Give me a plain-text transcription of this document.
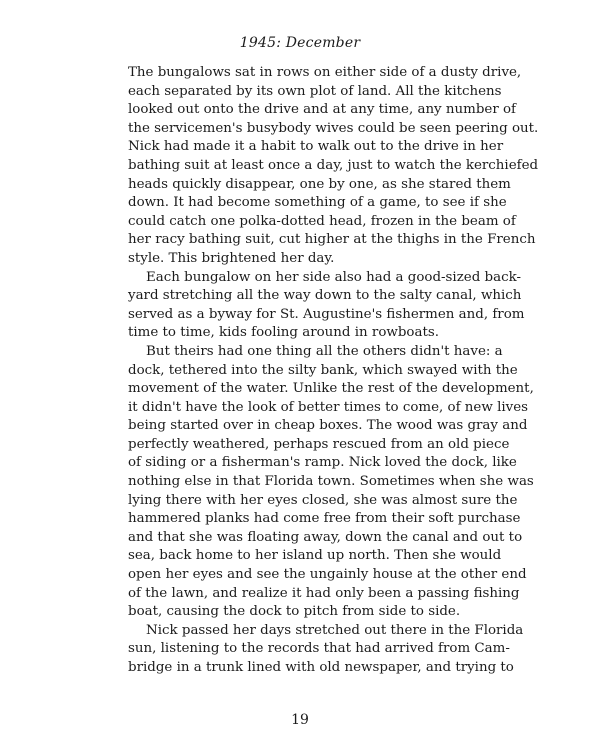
1945: December
The bungalows sat in rows on either side of a dusty drive,
each separated by its own plot of land. All the kitchens
looked out onto the drive and at any time, any number of
the servicemen's busybody wives could be seen peering out.
Nick had made it a habit to walk out to the drive in her
bathing suit at least once a day, just to watch the kerchiefed
heads quickly disappear, one by one, as she stared them
down. It had become something of a game, to see if she
could catch one polka-dotted head, frozen in the beam of
her racy bathing suit, cut higher at the thighs in the French
style. This brightened her day.
Each bungalow on her side also had a good-sized back-
yard stretching all the way down to the salty canal, which
served as a byway for St. Augustine's fishermen and, from
time to time, kids fooling around in rowboats.
But theirs had one thing all the others didn't have: a
dock, tethered into the silty bank, which swayed with the
movement of the water. Unlike the rest of the development,
it didn't have the look of better times to come, of new lives
being started over in cheap boxes. The wood was gray and
perfectly weathered, perhaps rescued from an old piece
of siding or a fisherman's ramp. Nick loved the dock, like
nothing else in that Florida town. Sometimes when she was
lying there with her eyes closed, she was almost sure the
hammered planks had come free from their soft purchase
and that she was floating away, down the canal and out to
sea, back home to her island up north. Then she would
open her eyes and see the ungainly house at the other end
of the lawn, and realize it had only been a passing fishing
boat, causing the dock to pitch from side to side.
Nick passed her days stretched out there in the Florida
sun, listening to the records that had arrived from Cam-
bridge in a trunk lined with old newspaper, and trying to
19
